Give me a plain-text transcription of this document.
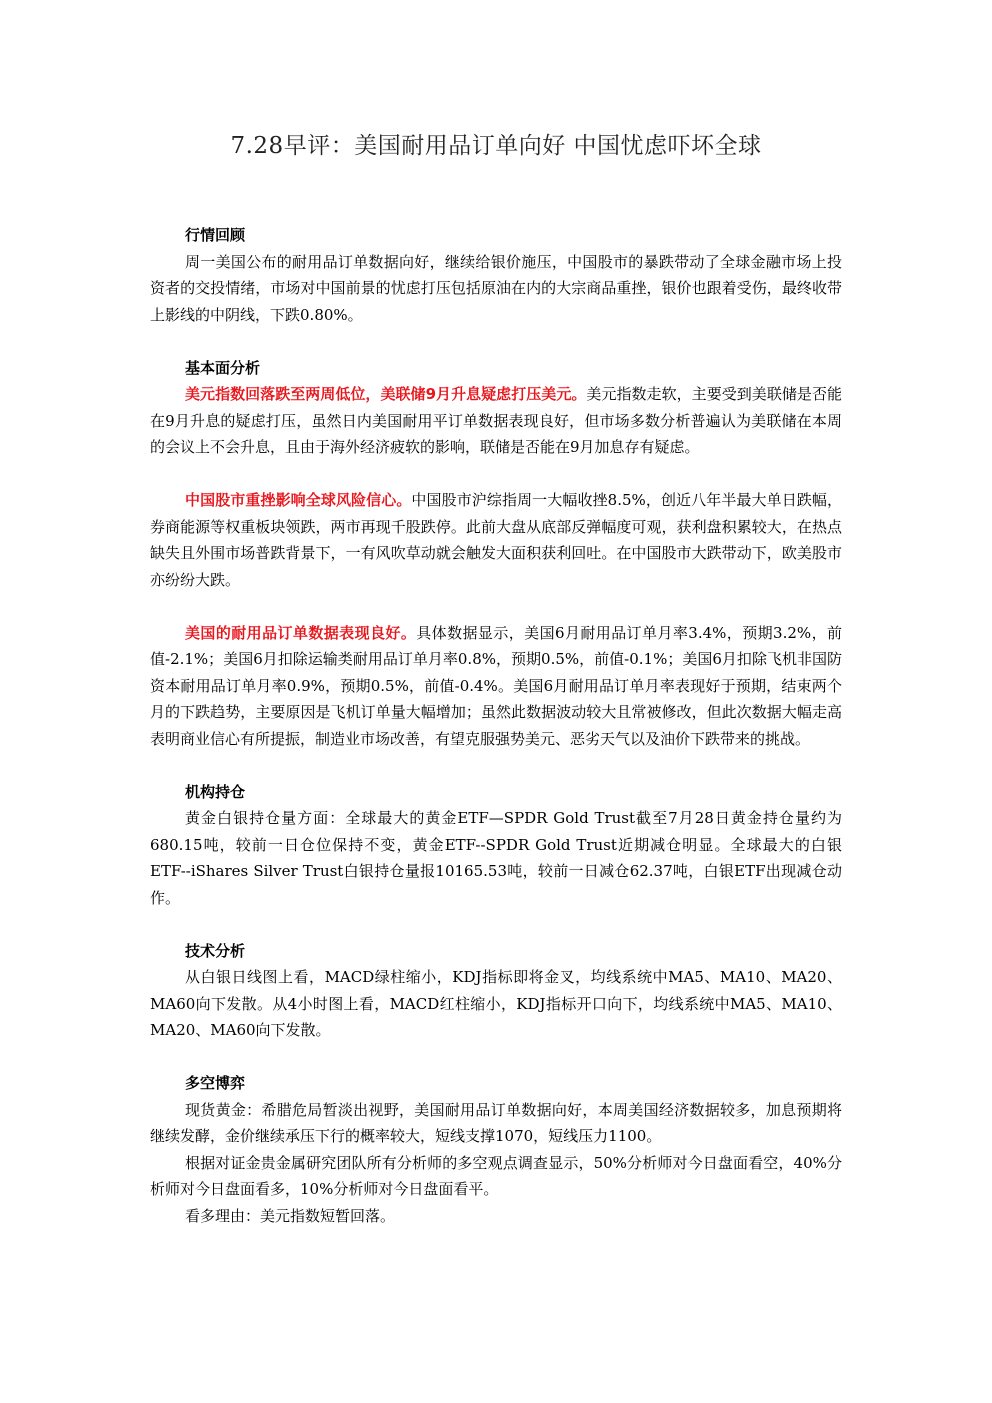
7.28早评：美国耐用品订单向好 中国忧虑吓坏全球
行情回顾

周一美国公布的耐用品订单数据向好，继续给银价施压，中国股市的暴跌带动了全球金融市场上投资者的交投情绪，市场对中国前景的忧虑打压包括原油在内的大宗商品重挫，银价也跟着受伤，最终收带上影线的中阴线，下跌0.80%。

基本面分析

美元指数回落跌至两周低位，美联储9月升息疑虑打压美元。美元指数走软，主要受到美联储是否能在9月升息的疑虑打压，虽然日内美国耐用平订单数据表现良好，但市场多数分析普遍认为美联储在本周的会议上不会升息，且由于海外经济疲软的影响，联储是否能在9月加息存有疑虑。

中国股市重挫影响全球风险信心。中国股市沪综指周一大幅收挫8.5%，创近八年半最大单日跌幅，券商能源等权重板块领跌，两市再现千股跌停。此前大盘从底部反弹幅度可观，获利盘积累较大，在热点缺失且外围市场普跌背景下，一有风吹草动就会触发大面积获利回吐。在中国股市大跌带动下，欧美股市亦纷纷大跌。

美国的耐用品订单数据表现良好。具体数据显示，美国6月耐用品订单月率3.4%，预期3.2%，前值-2.1%；美国6月扣除运输类耐用品订单月率0.8%，预期0.5%，前值-0.1%；美国6月扣除飞机非国防资本耐用品订单月率0.9%，预期0.5%，前值-0.4%。美国6月耐用品订单月率表现好于预期，结束两个月的下跌趋势，主要原因是飞机订单量大幅增加；虽然此数据波动较大且常被修改，但此次数据大幅走高表明商业信心有所提振，制造业市场改善，有望克服强势美元、恶劣天气以及油价下跌带来的挑战。

机构持仓

黄金白银持仓量方面：全球最大的黄金ETF—SPDR Gold Trust截至7月28日黄金持仓量约为680.15吨，较前一日仓位保持不变，黄金ETF--SPDR Gold Trust近期减仓明显。全球最大的白银ETF--iShares Silver Trust白银持仓量报10165.53吨，较前一日减仓62.37吨，白银ETF出现减仓动作。

技术分析

从白银日线图上看，MACD绿柱缩小，KDJ指标即将金叉，均线系统中MA5、MA10、MA20、MA60向下发散。从4小时图上看，MACD红柱缩小，KDJ指标开口向下，均线系统中MA5、MA10、MA20、MA60向下发散。

多空博弈

现货黄金：希腊危局暂淡出视野，美国耐用品订单数据向好，本周美国经济数据较多，加息预期将继续发酵，金价继续承压下行的概率较大，短线支撑1070，短线压力1100。

根据对证金贵金属研究团队所有分析师的多空观点调查显示，50%分析师对今日盘面看空，40%分析师对今日盘面看多，10%分析师对今日盘面看平。

看多理由：美元指数短暂回落。
